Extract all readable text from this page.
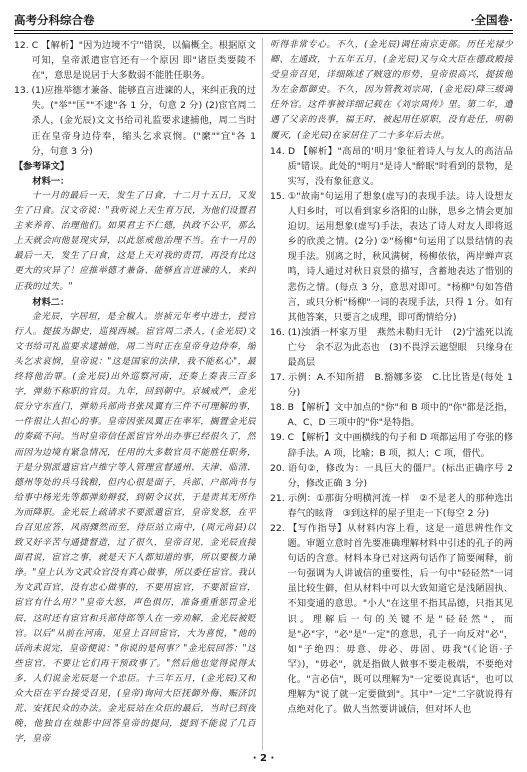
高考分科综合卷	·全国卷·

12. C 【解析】"因为边境不宁"错误，以偏概全。根据原文可知，皇帝派遣宦官还有一个原因 即"诸臣类要陵不在"，意思是说居于大多数弱不能胜任职务。

13. (1)应推举德才兼备、能够直言进谏的人，来纠正我的过失。("举""匡""不逮"各 1 分，句意 2 分) (2)宦官周二杀人，(金光辰)文文书给司礼监要求逮捕他，周二当时正在皇帝身边侍奉，缩头乞求哀悯。("縻""宜"各 1 分，句意 3 分)

【参考译文】

材料一：

十一月的最后一天，发生了日食，十二月十五日，又发生了日食。汉文帝说："我听说上天生育万民，为他们设置君主来养育、治理他们。如果君主不仁德，执政不公平，那么上天就会向他显现灾异，以此惩戒他治理不当。在十一月的最后一天，发生了日食，这是上天对我的责罚，再没有比这更大的灾异了！应推举德才兼备、能够直言进谏的人，来纠正我的过失。"

材料二：

金光辰，字居垣，是全椒人。崇祯元年考中进士，授官行人。提拔为御史，巡视西城。宦官周二杀人，(金光辰)文文书给司礼监要求逮捕他，周二当时正在皇帝身边侍奉，缩头乞求哀悯，皇帝说："这是国家的法律，我不能私心"，最终将他治罪。(金光辰)出外巡察河南，还奏上奏表三百多字，弹劾不称职的官员。九年，回到朝中。京城戒严，金光辰分守东直门，弹劾兵部尚书张凤翼有三件不可理解的事，一件很让人担心的事。皇帝因张凤翼正在率军，搁置金光辰的奏疏不问。当时皇帝信任派宦官外出办事已经很久了，然而因为边境有紧急情况，任用的大多数官员不能胜任职务，于是分别派遣宦官卢维宁等人管理宣督通州、天津、临清、德州等处的兵马钱粮，但内心很是面子，兵部、户部尚书与给事中杨光先等都弹劾辩驳，到朝令议状，于是责其无所作为而降职。金光辰上疏请求不要派遣宦官，皇帝发怒，在平台召见应答，风雨骤然而至，待臣站立南中，(周元尚县)以致又好辛苦与通捷督造，过了很久，皇帝召见，金光辰直接面君说，宦官之事，就是天下人都知道的事，所以要极力谏诤。"皇上认为文武众官没有真心做事，所以委任宦官。我认为文武百官，没有忠心做事的，不要用宦官，不要派宦官，宦官有什么用？"皇帝大怒，声色俱厉，准备重重惩罚金光辰，这时还有宦官和兵部侍郎等人在一旁劝解，金光辰被贬官。以后"从前在河南，见皇上召回宦官，大为喜悦，"他的话尚未说完，皇帝便说："你说的是何事？"金光辰回答："这些宦官，不要让它们再干预政事了。"然后他也觉得说得太多，人们说金光辰是一个忠臣。十三年五月，(金光辰)又和众大臣在平台接受召见，(皇帝)询问大臣抚御外侮、赈济饥荒、安抚民众的办法。金光辰站在众臣的最后，当时已到夜晚，他独自在烛影中回答皇帝的提问，提到不能说了几百字，皇帝

听得非常专心。不久，(金光辰)调任南京吏部。历任光禄少卿、左通政，十五年五月，(金光辰)又与众大臣在德政殿接受皇帝召见，详细陈述了贼寇的形势，皇帝很高兴，提拔他为左金都御史。不久，因为管教刘宗周，(金光辰)降三级调任外官。这件事被详细记载在《刘宗周传》里。第二年，遭遇了父亲的丧事，福王时，被起用任原职，没有赴任，明朝覆灭，(金光辰)在家居住了二十多年后去世。

14. D 【解析】"高昂的'明月'象征着诗人与友人的高洁品质"错误。此处的"明月"是诗人"醉眠"时看到的景物，是实写，没有象征意义。

15. ①"故南"句运用了想象(虚写)的表现手法。诗人设想友人归乡时，可以看到家乡洛阳的山脉，思乡之情会更加迫切。运用想象(虚写)手法，表达了诗人对友人即将返乡的欣羡之情。(2分) ②"杨柳"句运用了以景结情的表现手法。别离之时，秋风满树，杨柳依依，两岸蝉声哀鸣，诗人通过对秋日哀景的描写，含蓄地表达了惜别的悲伤之情。(每点 3 分，意思对即可。"杨柳"句如答借言，或只分析"杨柳"一词的表现手法，只得 1 分。如有其他答案，只要言之成理，即可酌情给分)

16. (1)浊酒一杯家万里　燕然未勒归无计　(2)宁溘死以流亡兮　余不忍为此态也　(3)不畏浮云遮望眼　只缘身在最高层

17. 示例：A.不知所措　B.豁娜多姿　C.比比皆是(每处 1 分)

18. B 【解析】文中加点的"你"和 B 项中的"你"都是泛指，A、C、D 三项中的"你"是特指。

19. C 【解析】文中画横线的句子和 D 项都运用了夸张的修辞手法。A 项，比喻；B 项，拟人；C 项，借代。

20. 语句②，修改为：一具巨大的僵尸。(标出正确序号 2 分，修改正确 3 分)

21. 示例：①那街分明横河流一样　②不是老人的那种选出春气的眩背　③到这样的屋子里走一下(每空 2 分)

22. 【写作指导】从材料内容上看，这是一道思辨性作文题。审题立意时首先要准确理解材料中引述的孔子的两句话的含意。材料本身已对这两句话作了简要阐释，前一句强调为人讲诚信的重要性，后一句中"硁硁然"一词虽比较生僻，但从材料中可以大致知道它是浅陋固执、不知变通的意思。"小人"在这里不指其品德，只指其见识。理解后一句的关键不是"硁硁然"，而是"必"字，"必"是"一定"的意思，孔子一向反对"必"，如"子绝四：毋意、毋必、毋固、毋我"(《论语·子罕》)，"毋必"，就是指做人做事不要走极端，不要绝对化。"言必信"，既可以理解为"一定要说真话"，也可以理解为"说了就一定要做到"。其中"一定"二字就说得有点绝对化了。做人当然要讲诚信，但对坏人也

· 2 ·
